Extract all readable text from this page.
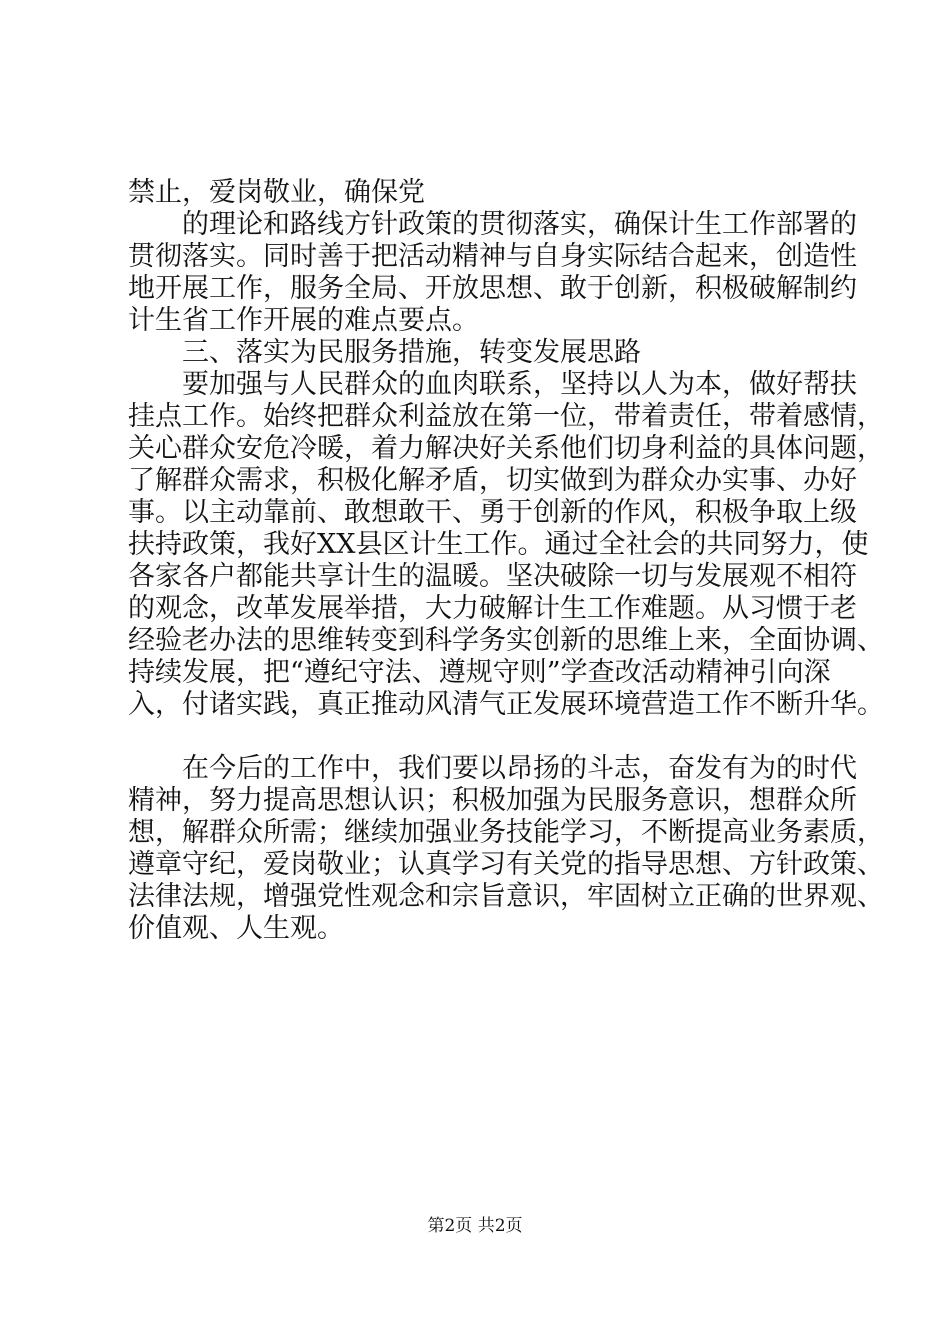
禁止，爱岗敬业，确保党
的理论和路线方针政策的贯彻落实，确保计生工作部署的
贯彻落实。同时善于把活动精神与自身实际结合起来，创造性
地开展工作，服务全局、开放思想、敢于创新，积极破解制约
计生省工作开展的难点要点。
三、落实为民服务措施，转变发展思路
要加强与人民群众的血肉联系，坚持以人为本，做好帮扶
挂点工作。始终把群众利益放在第一位，带着责任，带着感情，
关心群众安危冷暖，着力解决好关系他们切身利益的具体问题，
了解群众需求，积极化解矛盾，切实做到为群众办实事、办好
事。以主动靠前、敢想敢干、勇于创新的作风，积极争取上级
扶持政策，我好XX县区计生工作。通过全社会的共同努力，使
各家各户都能共享计生的温暖。坚决破除一切与发展观不相符
的观念，改革发展举措，大力破解计生工作难题。从习惯于老
经验老办法的思维转变到科学务实创新的思维上来，全面协调、
持续发展，把“遵纪守法、遵规守则”学查改活动精神引向深
入，付诸实践，真正推动风清气正发展环境营造工作不断升华。
在今后的工作中，我们要以昂扬的斗志，奋发有为的时代
精神，努力提高思想认识；积极加强为民服务意识，想群众所
想，解群众所需；继续加强业务技能学习，不断提高业务素质，
遵章守纪，爱岗敬业；认真学习有关党的指导思想、方针政策、
法律法规，增强党性观念和宗旨意识，牢固树立正确的世界观、
价值观、人生观。
第2页 共2页
